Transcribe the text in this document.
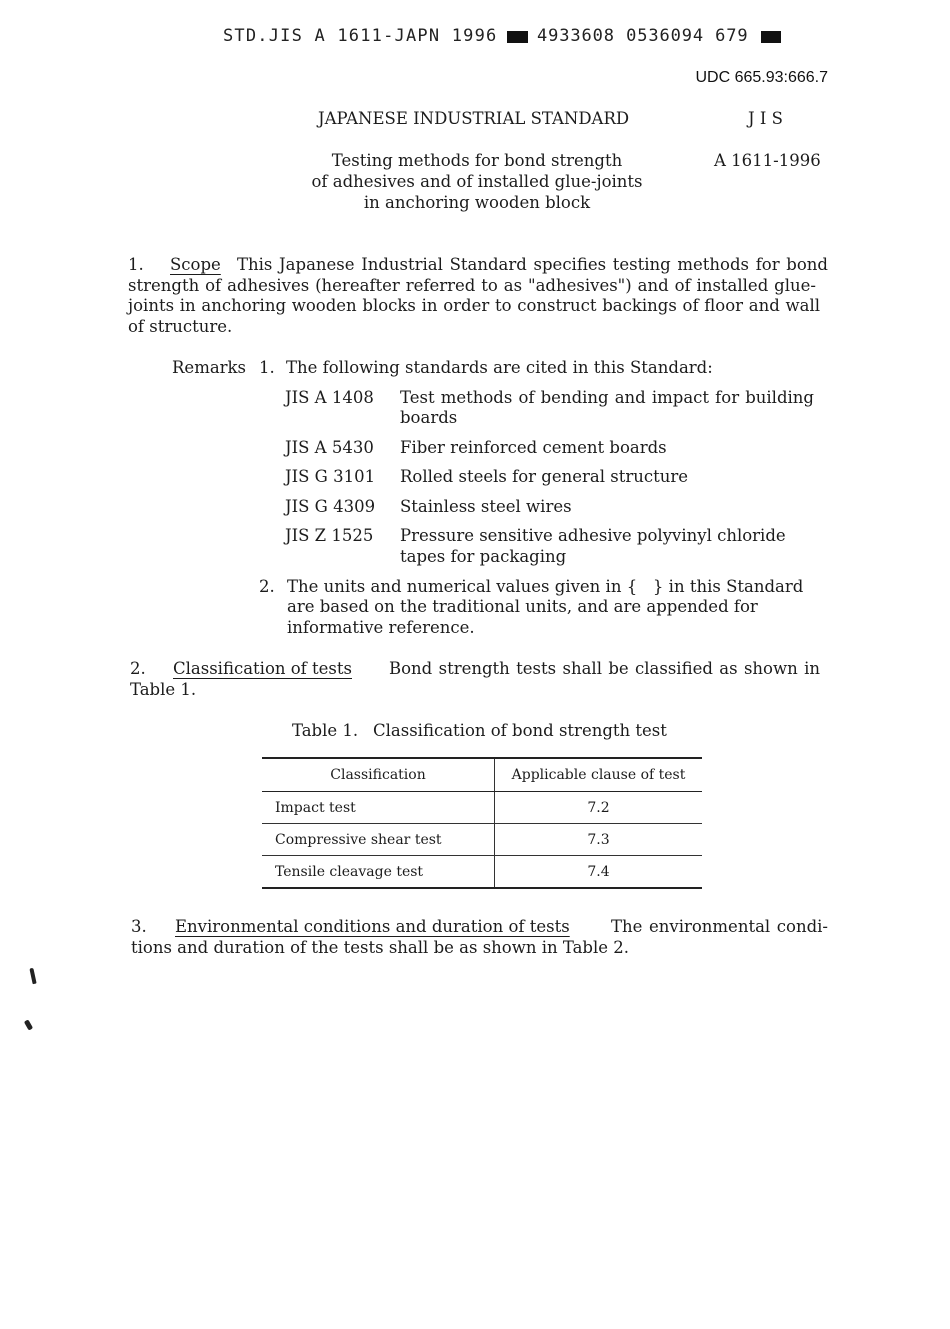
STD.JIS A 1611-JAPN 1996 4933608 0536094 679
UDC 665.93:666.7
JAPANESE INDUSTRIAL STANDARD	J I S
A 1611-1996
Testing methods for bond strength
of adhesives and of installed glue-joints
in anchoring wooden block
1. Scope This Japanese Industrial Standard specifies testing methods for bond
strength of adhesives (hereafter referred to as "adhesives") and of installed glue-
joints in anchoring wooden blocks in order to construct backings of floor and wall
of structure.
Remarks 1. The following standards are cited in this Standard:
JIS A 1408 Test methods of bending and impact for building
boards
JIS A 5430 Fiber reinforced cement boards
JIS G 3101 Rolled steels for general structure
JIS G 4309 Stainless steel wires
JIS Z 1525 Pressure sensitive adhesive polyvinyl chloride
tapes for packaging
2. The units and numerical values given in {   } in this Standard
are based on the traditional units, and are appended for
informative reference.
2. Classification of tests Bond strength tests shall be classified as shown in
Table 1.
Table 1. Classification of bond strength test
Classification	Applicable clause of test
Impact test	7.2
Compressive shear test	7.3
Tensile cleavage test	7.4
3. Environmental conditions and duration of tests	The environmental condi-
tions and duration of the tests shall be as shown in Table 2.
